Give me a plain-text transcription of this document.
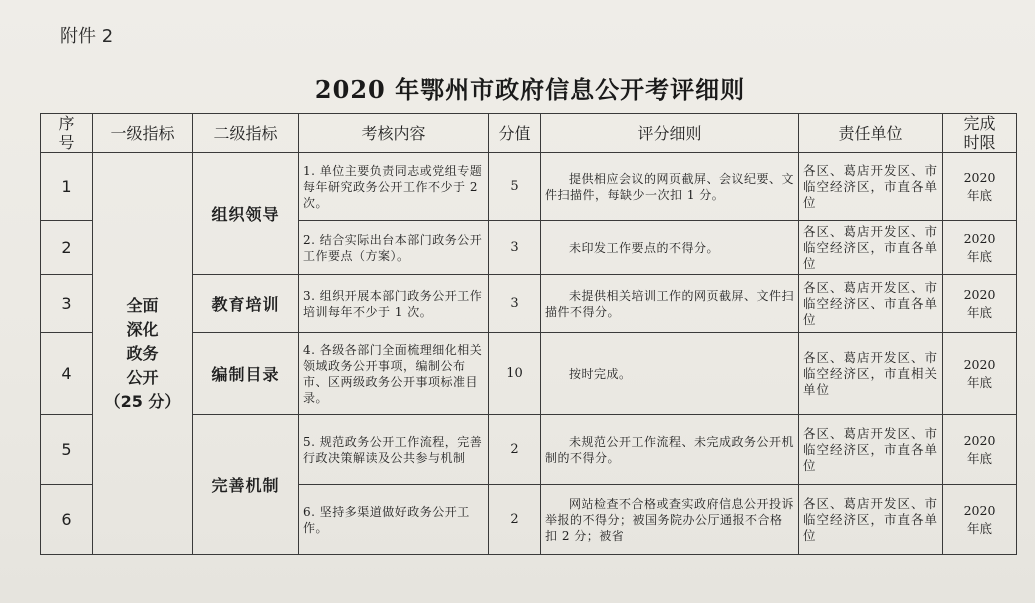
附件 2
2020 年鄂州市政府信息公开考评细则
序
号	一级指标	二级指标	考核内容	分值	评分细则	责任单位	完成
时限
1	全面
深化
政务
公开
（25 分）	组织领导	1. 单位主要负责同志或党组专题每年研究政务公开工作不少于 2 次。	5	提供相应会议的网页截屏、会议纪要、文件扫描件，每缺少一次扣 1 分。	各区、葛店开发区、市临空经济区，市直各单位	2020
年底
2			2. 结合实际出台本部门政务公开工作要点（方案）。	3	未印发工作要点的不得分。	各区、葛店开发区、市临空经济区，市直各单位	2020
年底
3		教育培训	3. 组织开展本部门政务公开工作培训每年不少于 1 次。	3	未提供相关培训工作的网页截屏、文件扫描件不得分。	各区、葛店开发区、市临空经济区、市直各单位	2020
年底
4		编制目录	4. 各级各部门全面梳理细化相关领域政务公开事项，编制公布市、区两级政务公开事项标准目录。	10	按时完成。	各区、葛店开发区、市临空经济区，市直相关单位	2020
年底
5		完善机制	5. 规范政务公开工作流程，完善行政决策解读及公共参与机制	2	未规范公开工作流程、未完成政务公开机制的不得分。	各区、葛店开发区、市临空经济区，市直各单位	2020
年底
6			6. 坚持多渠道做好政务公开工作。	2	网站检查不合格或查实政府信息公开投诉举报的不得分；被国务院办公厅通报不合格扣 2 分；被省	各区、葛店开发区、市临空经济区，市直各单位	2020
年底
